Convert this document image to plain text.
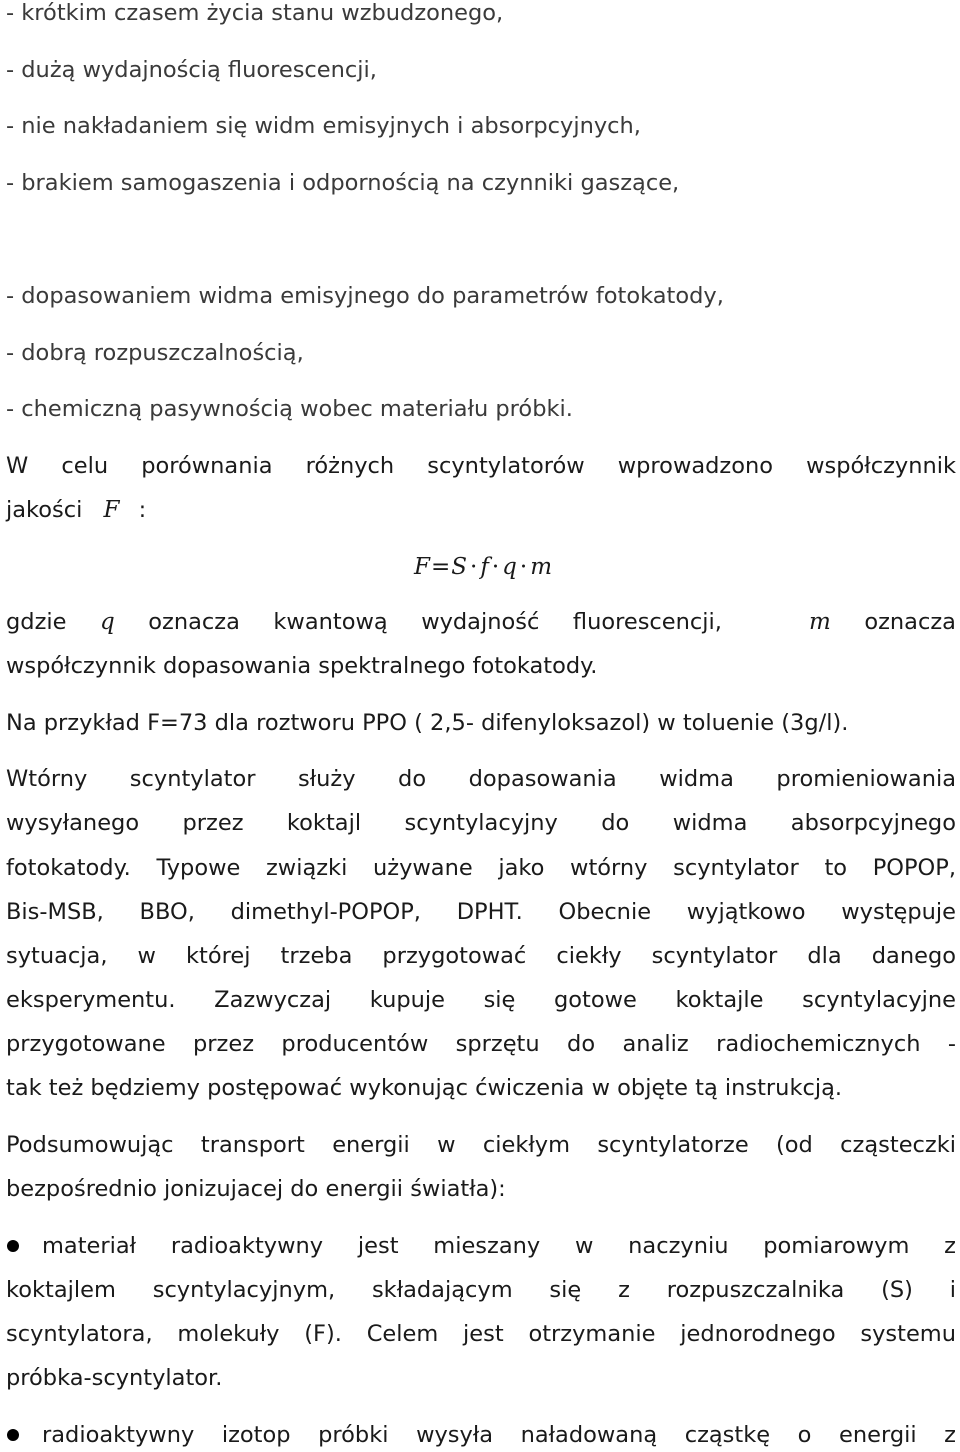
- krótkim czasem życia stanu wzbudzonego,
- dużą wydajnością fluorescencji,
- nie nakładaniem się widm emisyjnych i absorpcyjnych,
- brakiem samogaszenia i odpornością na czynniki gaszące,
- dopasowaniem widma emisyjnego do parametrów fotokatody,
- dobrą rozpuszczalnością,
- chemiczną pasywnością wobec materiału próbki.
W celu porównania różnych scyntylatorów wprowadzono współczynnik
jakości F :
F=S · f · q · m
gdzie q oznacza kwantową wydajność fluorescencji,	m oznacza
współczynnik dopasowania spektralnego fotokatody.
Na przykład F=73 dla roztworu PPO ( 2,5- difenyloksazol) w toluenie (3g/l).
Wtórny scyntylator służy do dopasowania widma promieniowania
wysyłanego przez koktajl scyntylacyjny do widma absorpcyjnego
fotokatody. Typowe związki używane jako wtórny scyntylator to POPOP,
Bis-MSB, BBO, dimethyl-POPOP, DPHT. Obecnie wyjątkowo występuje
sytuacja, w której trzeba przygotować ciekły scyntylator dla danego
eksperymentu. Zazwyczaj kupuje się gotowe koktajle scyntylacyjne
przygotowane przez producentów sprzętu do analiz radiochemicznych -
tak też będziemy postępować wykonując ćwiczenia w objęte tą instrukcją.
Podsumowując transport energii w ciekłym scyntylatorze (od cząsteczki
bezpośrednio jonizujacej do energii światła):
materiał radioaktywny jest mieszany w naczyniu pomiarowym z
koktajlem scyntylacyjnym, składającym się z rozpuszczalnika (S) i
scyntylatora, molekuły (F). Celem jest otrzymanie jednorodnego systemu
próbka-scyntylator.
radioaktywny izotop próbki wysyła naładowaną cząstkę o energii z
